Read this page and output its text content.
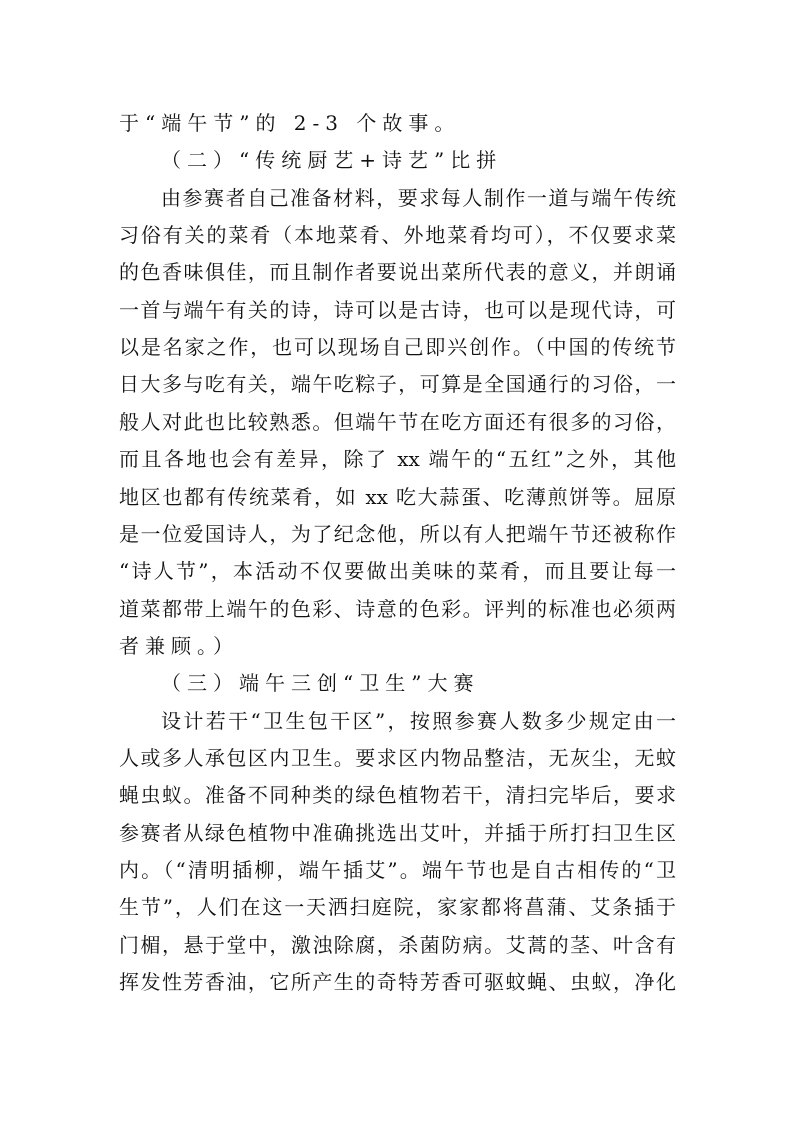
于“端午节”的 2-3 个故事。
（二）“传统厨艺+诗艺”比拼
由参赛者自己准备材料，要求每人制作一道与端午传统
习俗有关的菜肴（本地菜肴、外地菜肴均可），不仅要求菜
的色香味俱佳，而且制作者要说出菜所代表的意义，并朗诵
一首与端午有关的诗，诗可以是古诗，也可以是现代诗，可
以是名家之作，也可以现场自己即兴创作。（中国的传统节
日大多与吃有关，端午吃粽子，可算是全国通行的习俗，一
般人对此也比较熟悉。但端午节在吃方面还有很多的习俗，
而且各地也会有差异，除了 xx 端午的“五红”之外，其他
地区也都有传统菜肴，如 xx 吃大蒜蛋、吃薄煎饼等。屈原
是一位爱国诗人，为了纪念他，所以有人把端午节还被称作
“诗人节”，本活动不仅要做出美味的菜肴，而且要让每一
道菜都带上端午的色彩、诗意的色彩。评判的标准也必须两
者兼顾。）
（三）端午三创“卫生”大赛
设计若干“卫生包干区”，按照参赛人数多少规定由一
人或多人承包区内卫生。要求区内物品整洁，无灰尘，无蚊
蝇虫蚁。准备不同种类的绿色植物若干，清扫完毕后，要求
参赛者从绿色植物中准确挑选出艾叶，并插于所打扫卫生区
内。（“清明插柳，端午插艾”。端午节也是自古相传的“卫
生节”，人们在这一天洒扫庭院，家家都将菖蒲、艾条插于
门楣，悬于堂中，激浊除腐，杀菌防病。艾蒿的茎、叶含有
挥发性芳香油，它所产生的奇特芳香可驱蚊蝇、虫蚁，净化
